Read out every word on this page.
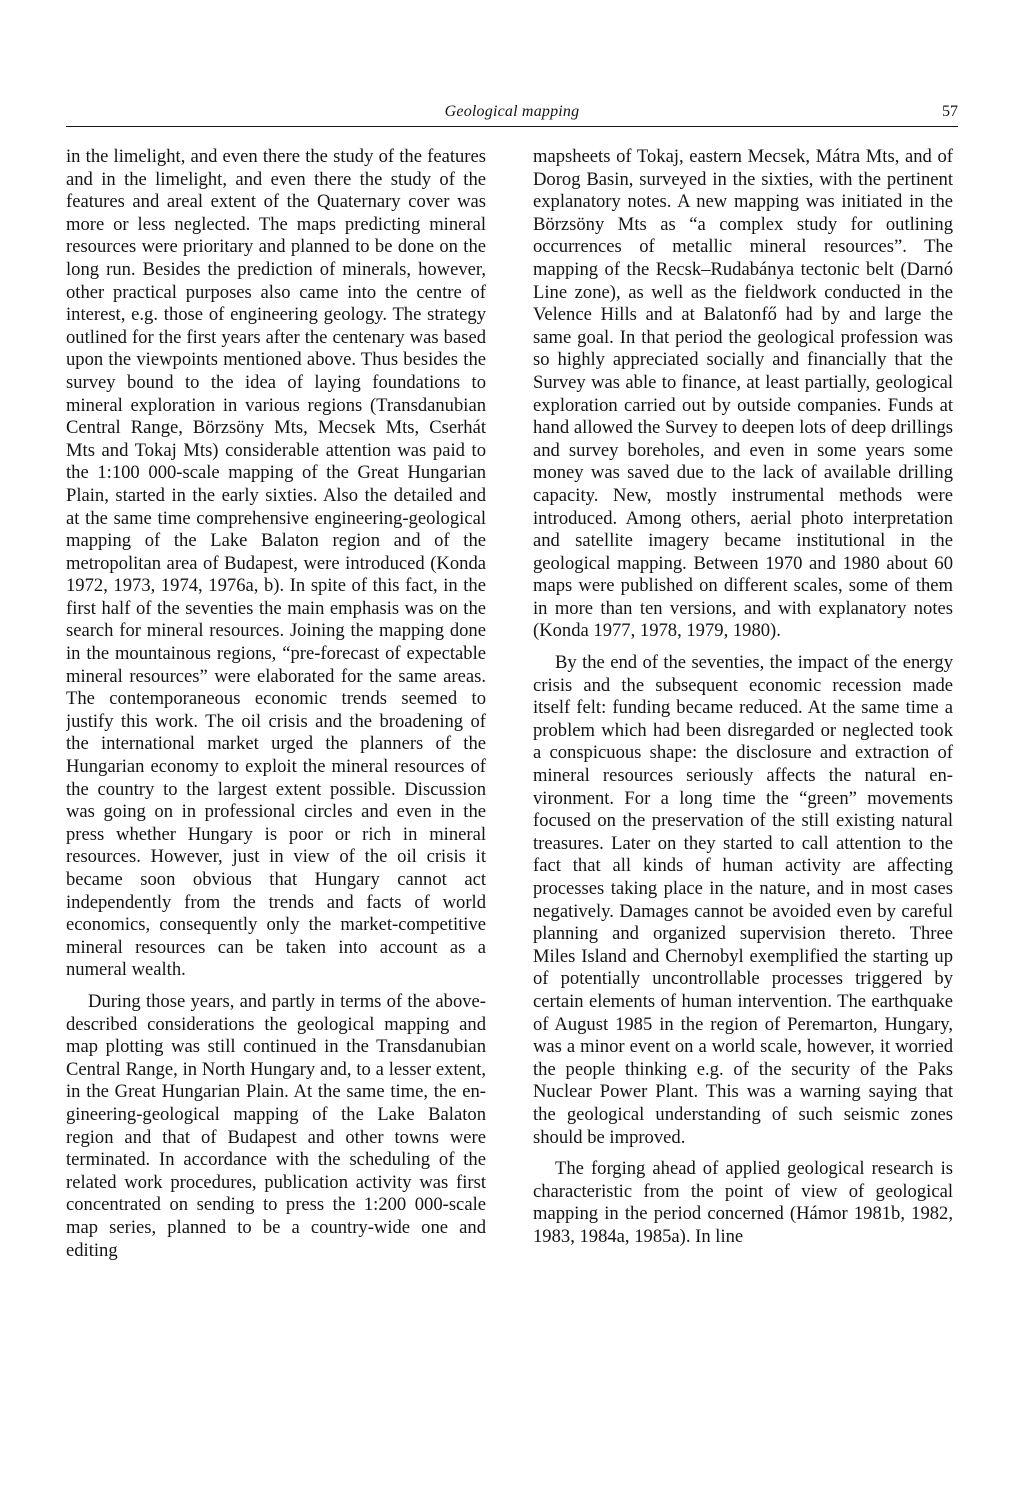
Geological mapping	57

in the limelight, and even there the study of the features and in the limelight, and even there the study of the features and areal extent of the Quaternary cover was more or less neglected. The maps predicting mineral resources were prioritary and planned to be done on the long run. Besides the prediction of minerals, however, other practical purposes also came into the centre of interest, e.g. those of engineering geology. The strategy outlined for the first years after the centenary was based upon the viewpoints mentioned above. Thus besides the survey bound to the idea of laying foundations to mineral exploration in various regions (Transdanubian Central Range, Börzsöny Mts, Mecsek Mts, Cserhát Mts and Tokaj Mts) considerable attention was paid to the 1:100 000-scale mapping of the Great Hungarian Plain, started in the early sixties. Also the detailed and at the same time comprehensive engineering-geological mapping of the Lake Balaton region and of the metropolitan area of Budapest, were introduced (Konda 1972, 1973, 1974, 1976a, b). In spite of this fact, in the first half of the seventies the main emphasis was on the search for mineral resources. Joining the mapping done in the mountainous regions, “pre-forecast of expectable mineral resources” were elaborated for the same areas. The contemporaneous economic trends seemed to justify this work. The oil crisis and the broadening of the international market urged the planners of the Hungarian economy to exploit the mineral resources of the country to the largest extent possible. Discussion was going on in professional circles and even in the press whether Hungary is poor or rich in mineral resources. However, just in view of the oil crisis it became soon obvious that Hungary cannot act independently from the trends and facts of world economics, consequently only the market-competitive mineral resources can be taken into account as a numeral wealth.

During those years, and partly in terms of the above-described considerations the geological mapping and map plotting was still continued in the Transdanubian Central Range, in North Hungary and, to a lesser extent, in the Great Hungarian Plain. At the same time, the engineering-geological mapping of the Lake Balaton region and that of Budapest and other towns were terminated. In accordance with the scheduling of the related work procedures, publication activity was first concentrated on sending to press the 1:200 000-scale map series, planned to be a country-wide one and editing

mapsheets of Tokaj, eastern Mecsek, Mátra Mts, and of Dorog Basin, surveyed in the sixties, with the pertinent explanatory notes. A new mapping was initiated in the Börzsöny Mts as “a complex study for outlining occurrences of metallic mineral resources”. The mapping of the Recsk–Rudabánya tectonic belt (Darnó Line zone), as well as the fieldwork conducted in the Velence Hills and at Balatonfő had by and large the same goal. In that period the geological profession was so highly appreciated socially and financially that the Survey was able to finance, at least partially, geological exploration carried out by outside companies. Funds at hand allowed the Survey to deepen lots of deep drillings and survey boreholes, and even in some years some money was saved due to the lack of available drilling capacity. New, mostly instrumental methods were introduced. Among others, aerial photo interpretation and satellite imagery became institutional in the geological mapping. Between 1970 and 1980 about 60 maps were published on different scales, some of them in more than ten versions, and with explanatory notes (Konda 1977, 1978, 1979, 1980).

By the end of the seventies, the impact of the energy crisis and the subsequent economic recession made itself felt: funding became reduced. At the same time a problem which had been disregarded or neglected took a conspicuous shape: the disclosure and extraction of mineral resources seriously affects the natural environment. For a long time the “green” movements focused on the preservation of the still existing natural treasures. Later on they started to call attention to the fact that all kinds of human activity are affecting processes taking place in the nature, and in most cases negatively. Damages cannot be avoided even by careful planning and organized supervision thereto. Three Miles Island and Chernobyl exemplified the starting up of potentially uncontrollable processes triggered by certain elements of human intervention. The earthquake of August 1985 in the region of Peremarton, Hungary, was a minor event on a world scale, however, it worried the people thinking e.g. of the security of the Paks Nuclear Power Plant. This was a warning saying that the geological understanding of such seismic zones should be improved.

The forging ahead of applied geological research is characteristic from the point of view of geological mapping in the period concerned (Hámor 1981b, 1982, 1983, 1984a, 1985a). In line
